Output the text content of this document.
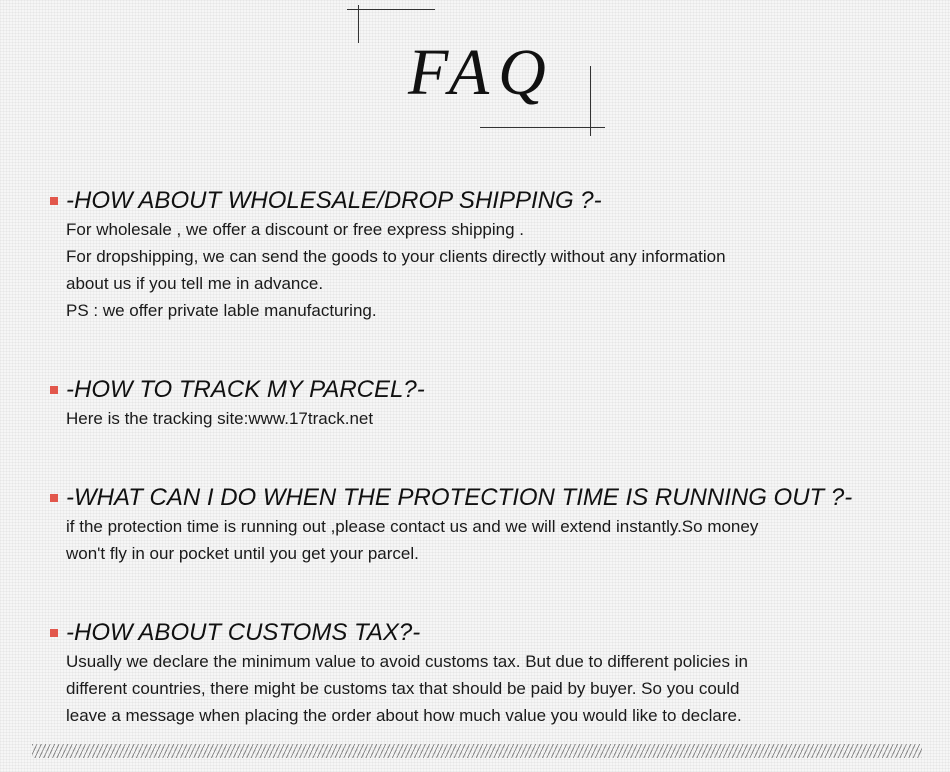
FAQ
-HOW ABOUT WHOLESALE/DROP SHIPPING ?-
For wholesale , we offer a discount or free express shipping .
For dropshipping, we can send the goods to your clients directly without any information
about us if you tell me in advance.
PS : we offer private lable manufacturing.
-HOW TO TRACK MY PARCEL?-
Here is the tracking site:www.17track.net
-WHAT CAN I DO WHEN THE PROTECTION TIME IS RUNNING OUT ?-
if the protection time is running out ,please contact us and we will extend instantly.So money
won't fly in our pocket until you get your parcel.
-HOW ABOUT CUSTOMS TAX?-
Usually we declare the minimum value to avoid customs tax. But due to different policies in
different countries, there might be customs tax that should be paid by buyer. So you could
leave a message when placing the order about how much value you would like to declare.
